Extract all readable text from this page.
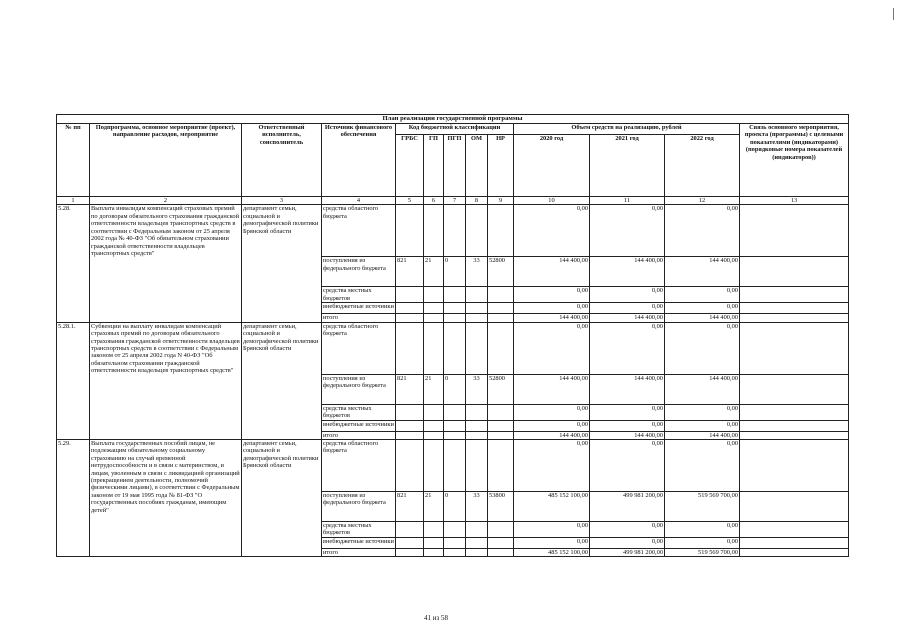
План реализации государственной программы												
№ пп	Подпрограмма, основное мероприятие (проект), направление расходов, мероприятие	Ответственный исполнитель, соисполнитель	Источник финансового обеспечения	Код бюджетной классификации					Объем средств на реализацию, рублей			Связь основного мероприятия, проекта (программы) с целевыми показателями (индикаторами) (порядковые номера показателей (индикаторов))
				ГРБС	ГП	ПГП	ОМ	НР	2020 год	2021 год	2022 год	
1	2	3	4	5	6	7	8	9	10	11	12	13
5.28.	Выплата инвалидам компенсаций страховых премий по договорам обязательного страхования гражданской ответственности владельцев транспортных средств в соответствии с Федеральным законом от 25 апреля 2002 года № 40-ФЗ "Об обязательном страховании гражданской ответственности владельцев транспортных средств"	департамент семьи, социальной и демографической политики Брянской области	средства областного бюджета						0,00	0,00	0,00	
			поступления из федерального бюджета	821	21	0	33	52800	144 400,00	144 400,00	144 400,00	
			средства местных бюджетов						0,00	0,00	0,00	
			внебюджетные источники						0,00	0,00	0,00	
			итого						144 400,00	144 400,00	144 400,00	
5.28.1.	Субвенции на выплату инвалидам компенсаций страховых премий по договорам обязательного страхования гражданской ответственности владельцев транспортных средств в соответствии с Федеральным законом от 25 апреля 2002 года N 40-ФЗ "Об обязательном страховании гражданской ответственности владельцев транспортных средств"	департамент семьи, социальной и демографической политики Брянской области	средства областного бюджета						0,00	0,00	0,00	
			поступления из федерального бюджета	821	21	0	33	52800	144 400,00	144 400,00	144 400,00	
			средства местных бюджетов						0,00	0,00	0,00	
			внебюджетные источники						0,00	0,00	0,00	
			итого						144 400,00	144 400,00	144 400,00	
5.29.	Выплата государственных пособий лицам, не подлежащим обязательному социальному страхованию на случай временной нетрудоспособности и в связи с материнством, и лицам, уволенным в связи с ликвидацией организаций (прекращением деятельности, полномочий физическими лицами), в соответствии с Федеральным законом от 19 мая 1995 года № 81-ФЗ "О государственных пособиях гражданам, имеющим детей"	департамент семьи, социальной и демографической политики Брянской области	средства областного бюджета						0,00	0,00	0,00	
			поступления из федерального бюджета	821	21	0	33	53800	485 152 100,00	499 981 200,00	519 569 700,00	
			средства местных бюджетов						0,00	0,00	0,00	
			внебюджетные источники						0,00	0,00	0,00	
			итого						485 152 100,00	499 981 200,00	519 569 700,00	
41 из 58
